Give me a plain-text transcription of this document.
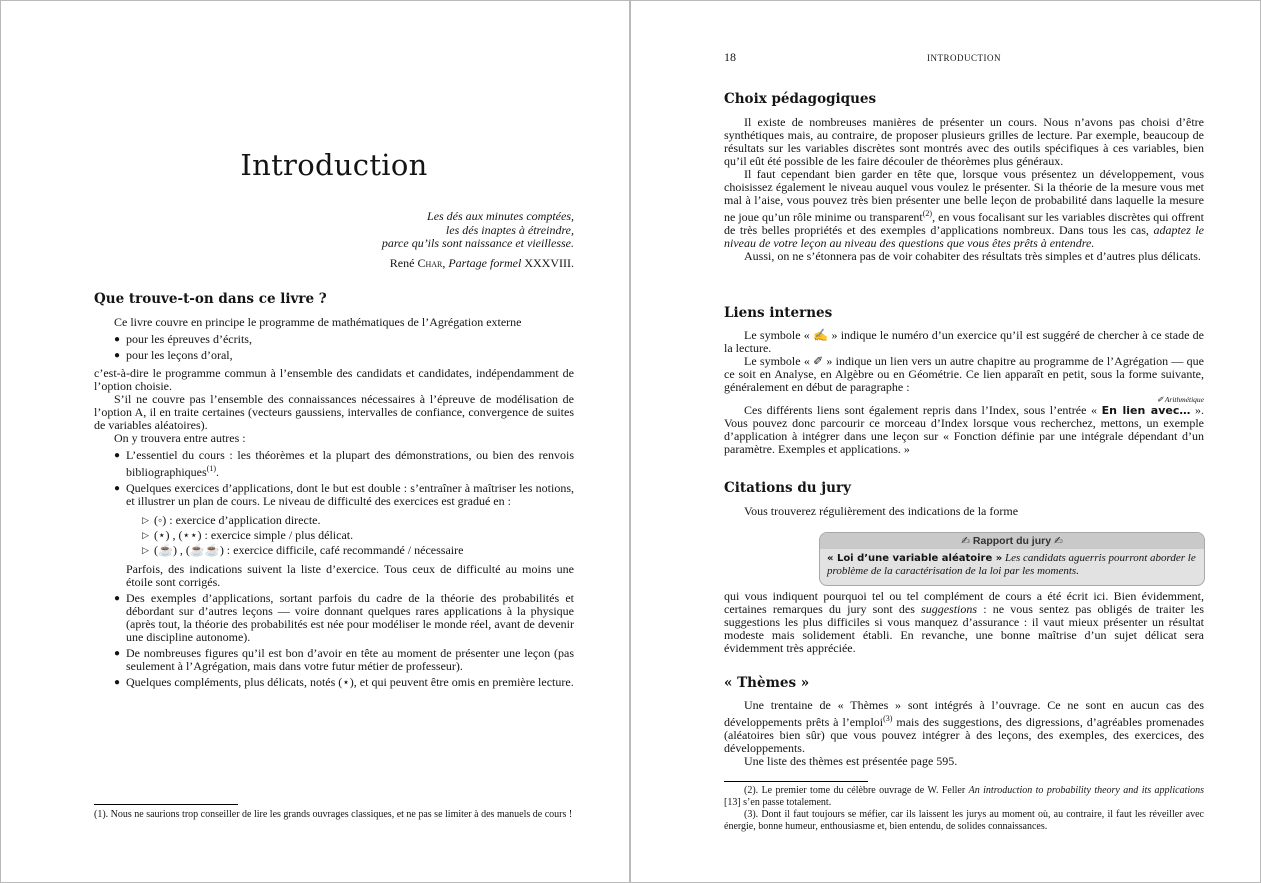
Introduction
Les dés aux minutes comptées,
les dés inaptes à étreindre,
parce qu’ils sont naissance et vieillesse.
René Char, Partage formel XXXVIII.
Que trouve-t-on dans ce livre ?
Ce livre couvre en principe le programme de mathématiques de l’Agrégation externe
● pour les épreuves d’écrits,
● pour les leçons d’oral,
c’est-à-dire le programme commun à l’ensemble des candidats et candidates, indépendamment de l’option choisie.
S’il ne couvre pas l’ensemble des connaissances nécessaires à l’épreuve de modélisation de l’option A, il en traite certaines (vecteurs gaussiens, intervalles de confiance, convergence de suites de variables aléatoires).
On y trouvera entre autres :
● L’essentiel du cours : les théorèmes et la plupart des démonstrations, ou bien des renvois bibliographiques$^{(1)}$.
● Quelques exercices d’applications, dont le but est double : s’entraîner à maîtriser les notions, et illustrer un plan de cours. Le niveau de difficulté des exercices est gradué en :
▷ (◦) : exercice d’application directe.
▷ (⋆) , (⋆⋆) : exercice simple / plus délicat.
▷ (☕) , (☕☕) : exercice difficile, café recommandé / nécessaire
Parfois, des indications suivent la liste d’exercice. Tous ceux de difficulté au moins une étoile sont corrigés.
● Des exemples d’applications, sortant parfois du cadre de la théorie des probabilités et débordant sur d’autres leçons — voire donnant quelques rares applications à la physique (après tout, la théorie des probabilités est née pour modéliser le monde réel, avant de devenir une discipline autonome).
● De nombreuses figures qu’il est bon d’avoir en tête au moment de présenter une leçon (pas seulement à l’Agrégation, mais dans votre futur métier de professeur).
● Quelques compléments, plus délicats, notés (⋆), et qui peuvent être omis en première lecture.
(1). Nous ne saurions trop conseiller de lire les grands ouvrages classiques, et ne pas se limiter à des manuels de cours !
18	INTRODUCTION
Choix pédagogiques
Il existe de nombreuses manières de présenter un cours. Nous n’avons pas choisi d’être synthétiques mais, au contraire, de proposer plusieurs grilles de lecture. Par exemple, beaucoup de résultats sur les variables discrètes sont montrés avec des outils spécifiques à ces variables, bien qu’il eût été possible de les faire découler de théorèmes plus généraux.
Il faut cependant bien garder en tête que, lorsque vous présentez un développement, vous choisissez également le niveau auquel vous voulez le présenter. Si la théorie de la mesure vous met mal à l’aise, vous pouvez très bien présenter une belle leçon de probabilité dans laquelle la mesure ne joue qu’un rôle minime ou transparent$^{(2)}$, en vous focalisant sur les variables discrètes qui offrent de très belles propriétés et des exemples d’applications nombreux. Dans tous les cas, adaptez le niveau de votre leçon au niveau des questions que vous êtes prêts à entendre.
Aussi, on ne s’étonnera pas de voir cohabiter des résultats très simples et d’autres plus délicats.
Liens internes
Le symbole « ✍ » indique le numéro d’un exercice qu’il est suggéré de chercher à ce stade de la lecture.
Le symbole « ✐ » indique un lien vers un autre chapitre au programme de l’Agrégation — que ce soit en Analyse, en Algèbre ou en Géométrie. Ce lien apparaît en petit, sous la forme suivante, généralement en début de paragraphe :
✐ Arithmétique
Ces différents liens sont également repris dans l’Index, sous l’entrée « En lien avec… ». Vous pouvez donc parcourir ce morceau d’Index lorsque vous recherchez, mettons, un exemple d’application à intégrer dans une leçon sur « Fonction définie par une intégrale dépendant d’un paramètre. Exemples et applications. »
Citations du jury
Vous trouverez régulièrement des indications de la forme
✍ Rapport du jury ✍
« Loi d’une variable aléatoire » Les candidats aguerris pourront aborder le problème de la caractérisation de la loi par les moments.
qui vous indiquent pourquoi tel ou tel complément de cours a été écrit ici. Bien évidemment, certaines remarques du jury sont des suggestions : ne vous sentez pas obligés de traiter les suggestions les plus difficiles si vous manquez d’assurance : il vaut mieux présenter un résultat modeste mais solidement établi. En revanche, une bonne maîtrise d’un sujet délicat sera évidemment très appréciée.
« Thèmes »
Une trentaine de « Thèmes » sont intégrés à l’ouvrage. Ce ne sont en aucun cas des développements prêts à l’emploi$^{(3)}$ mais des suggestions, des digressions, d’agréables promenades (aléatoires bien sûr) que vous pouvez intégrer à des leçons, des exemples, des exercices, des développements.
Une liste des thèmes est présentée page 595.
(2). Le premier tome du célèbre ouvrage de W. Feller An introduction to probability theory and its applications [13] s’en passe totalement.
(3). Dont il faut toujours se méfier, car ils laissent les jurys au moment où, au contraire, il faut les réveiller avec énergie, bonne humeur, enthousiasme et, bien entendu, de solides connaissances.
